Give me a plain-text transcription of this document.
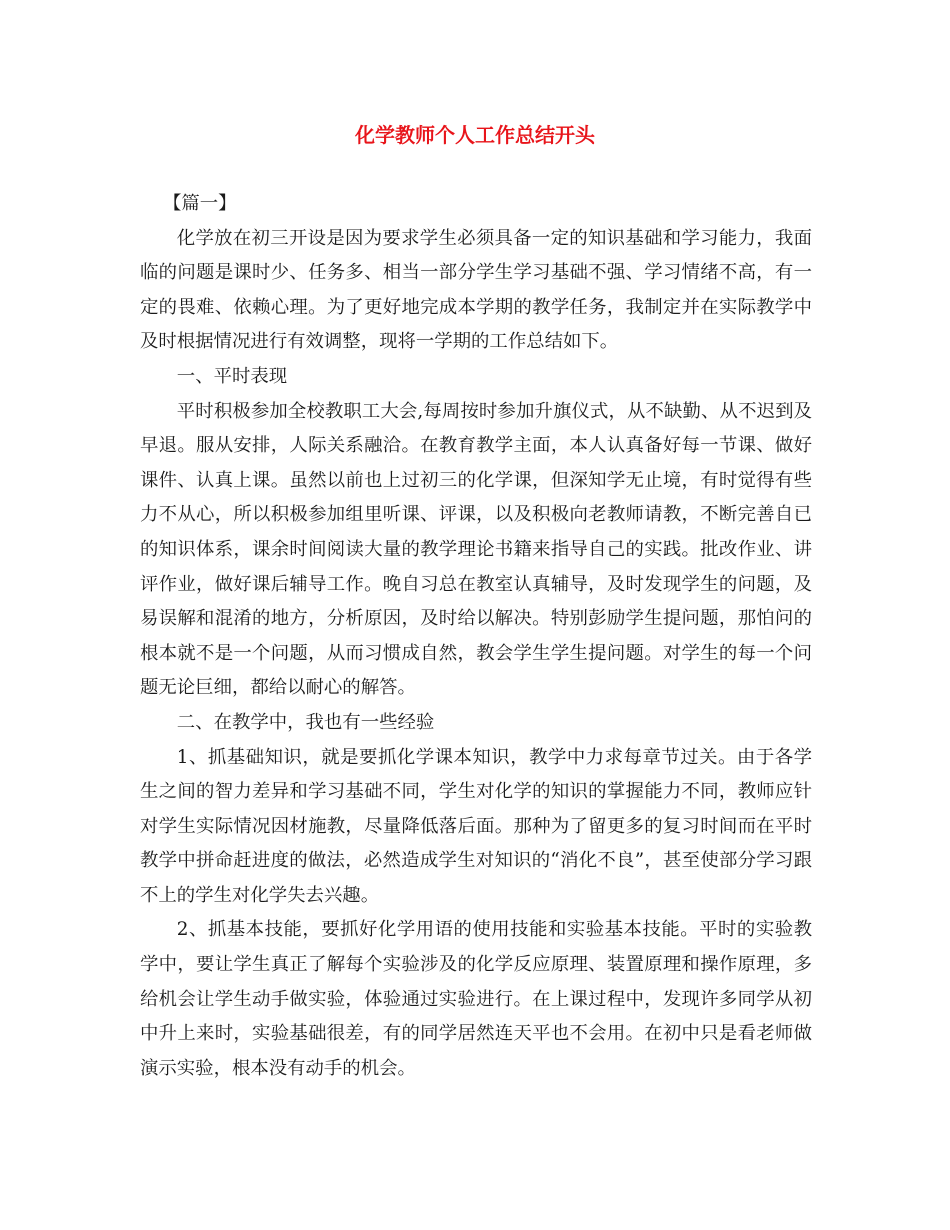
化学教师个人工作总结开头

【篇一】

化学放在初三开设是因为要求学生必须具备一定的知识基础和学习能力，我面临的问题是课时少、任务多、相当一部分学生学习基础不强、学习情绪不高，有一定的畏难、依赖心理。为了更好地完成本学期的教学任务，我制定并在实际教学中及时根据情况进行有效调整，现将一学期的工作总结如下。

一、平时表现

平时积极参加全校教职工大会,每周按时参加升旗仪式，从不缺勤、从不迟到及早退。服从安排，人际关系融洽。在教育教学主面，本人认真备好每一节课、做好课件、认真上课。虽然以前也上过初三的化学课，但深知学无止境，有时觉得有些力不从心，所以积极参加组里听课、评课，以及积极向老教师请教，不断完善自已的知识体系，课余时间阅读大量的教学理论书籍来指导自己的实践。批改作业、讲评作业，做好课后辅导工作。晚自习总在教室认真辅导，及时发现学生的问题，及易误解和混淆的地方，分析原因，及时给以解决。特别彭励学生提问题，那怕问的根本就不是一个问题，从而习惯成自然，教会学生学生提问题。对学生的每一个问题无论巨细，都给以耐心的解答。

二、在教学中，我也有一些经验

1、抓基础知识，就是要抓化学课本知识，教学中力求每章节过关。由于各学生之间的智力差异和学习基础不同，学生对化学的知识的掌握能力不同，教师应针对学生实际情况因材施教，尽量降低落后面。那种为了留更多的复习时间而在平时教学中拼命赶进度的做法，必然造成学生对知识的“消化不良”，甚至使部分学习跟不上的学生对化学失去兴趣。

2、抓基本技能，要抓好化学用语的使用技能和实验基本技能。平时的实验教学中，要让学生真正了解每个实验涉及的化学反应原理、装置原理和操作原理，多给机会让学生动手做实验，体验通过实验进行。在上课过程中，发现许多同学从初中升上来时，实验基础很差，有的同学居然连天平也不会用。在初中只是看老师做演示实验，根本没有动手的机会。
